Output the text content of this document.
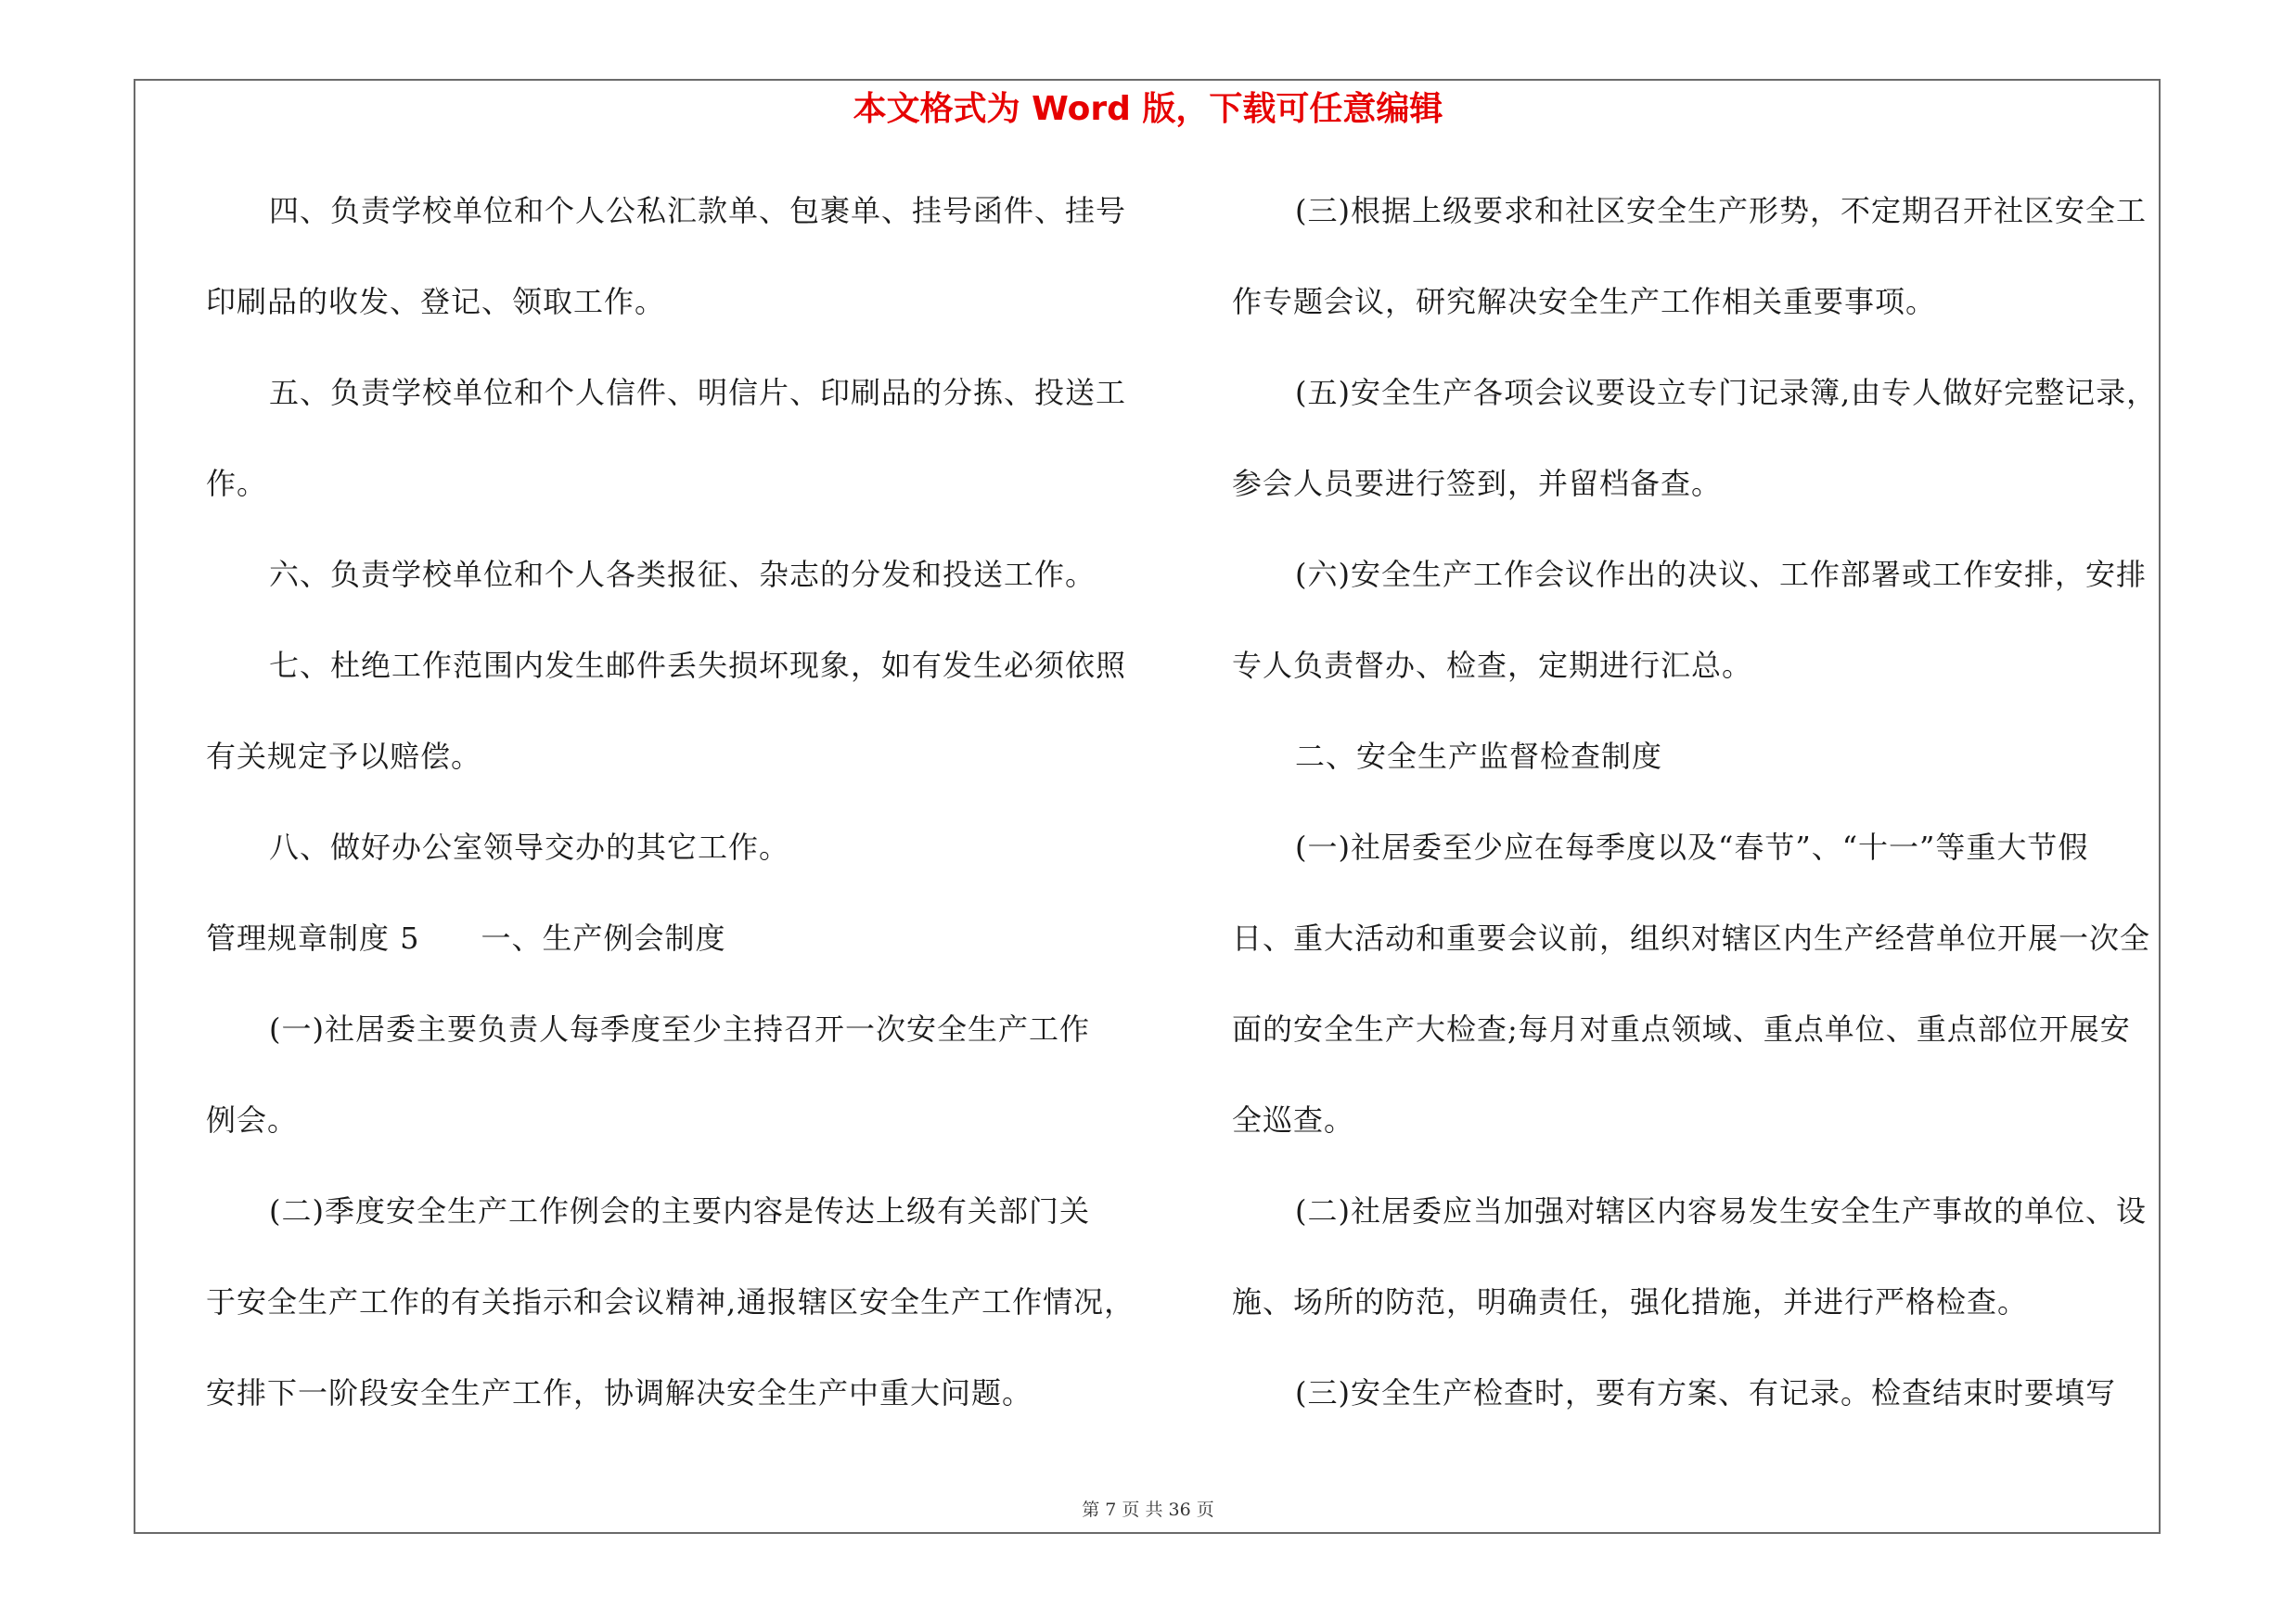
本文格式为 Word 版，下载可任意编辑
四、负责学校单位和个人公私汇款单、包裹单、挂号函件、挂号
印刷品的收发、登记、领取工作。
五、负责学校单位和个人信件、明信片、印刷品的分拣、投送工
作。
六、负责学校单位和个人各类报征、杂志的分发和投送工作。
七、杜绝工作范围内发生邮件丢失损坏现象，如有发生必须依照
有关规定予以赔偿。
八、做好办公室领导交办的其它工作。
管理规章制度 5　　一、生产例会制度
(一)社居委主要负责人每季度至少主持召开一次安全生产工作
例会。
(二)季度安全生产工作例会的主要内容是传达上级有关部门关
于安全生产工作的有关指示和会议精神,通报辖区安全生产工作情况，
安排下一阶段安全生产工作，协调解决安全生产中重大问题。
(三)根据上级要求和社区安全生产形势，不定期召开社区安全工
作专题会议，研究解决安全生产工作相关重要事项。
(五)安全生产各项会议要设立专门记录簿,由专人做好完整记录，
参会人员要进行签到，并留档备查。
(六)安全生产工作会议作出的决议、工作部署或工作安排，安排
专人负责督办、检查，定期进行汇总。
二、安全生产监督检查制度
(一)社居委至少应在每季度以及“春节”、“十一”等重大节假
日、重大活动和重要会议前，组织对辖区内生产经营单位开展一次全
面的安全生产大检查;每月对重点领域、重点单位、重点部位开展安
全巡查。
(二)社居委应当加强对辖区内容易发生安全生产事故的单位、设
施、场所的防范，明确责任，强化措施，并进行严格检查。
(三)安全生产检查时，要有方案、有记录。检查结束时要填写
第 7 页 共 36 页
